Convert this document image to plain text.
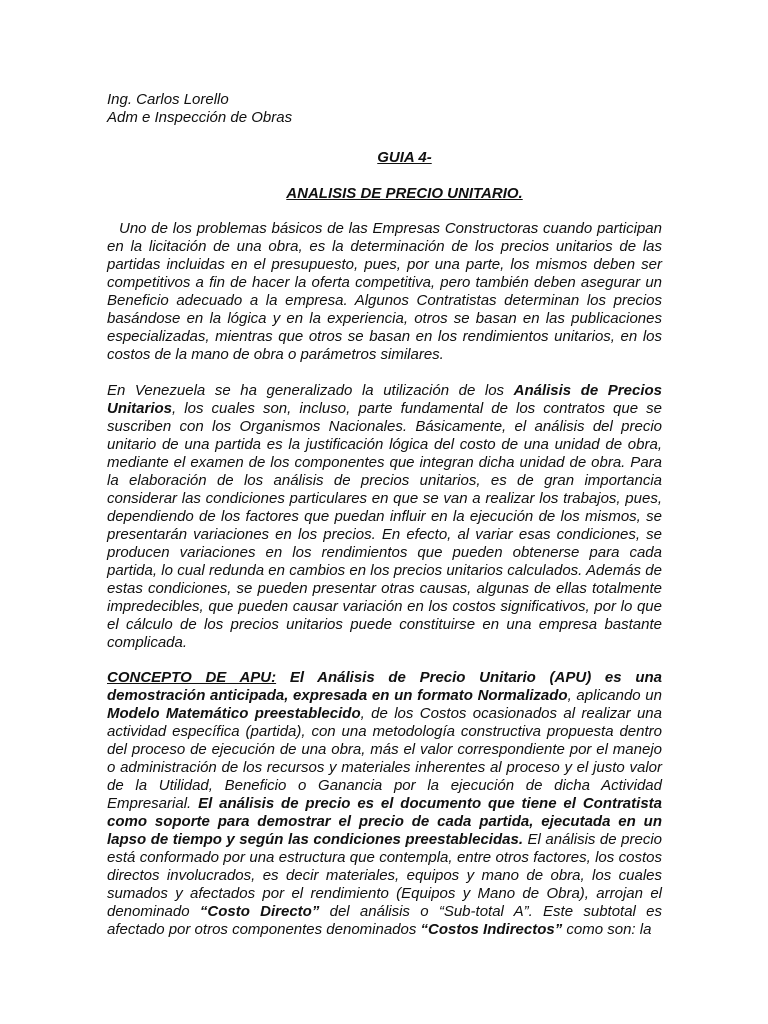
Ing. Carlos Lorello
Adm e Inspección de Obras

GUIA 4-

ANALISIS DE PRECIO UNITARIO.

Uno de los problemas básicos de las Empresas Constructoras cuando participan en la licitación de una obra, es la determinación de los precios unitarios de las partidas incluidas en el presupuesto, pues, por una parte, los mismos deben ser competitivos a fin de hacer la oferta competitiva, pero también deben asegurar un Beneficio adecuado a la empresa. Algunos Contratistas determinan los precios basándose en la lógica y en la experiencia, otros se basan en las publicaciones especializadas, mientras que otros se basan en los rendimientos unitarios, en los costos de la mano de obra o parámetros similares.

En Venezuela se ha generalizado la utilización de los Análisis de Precios Unitarios, los cuales son, incluso, parte fundamental de los contratos que se suscriben con los Organismos Nacionales. Básicamente, el análisis del precio unitario de una partida es la justificación lógica del costo de una unidad de obra, mediante el examen de los componentes que integran dicha unidad de obra. Para la elaboración de los análisis de precios unitarios, es de gran importancia considerar las condiciones particulares en que se van a realizar los trabajos, pues, dependiendo de los factores que puedan influir en la ejecución de los mismos, se presentarán variaciones en los precios. En efecto, al variar esas condiciones, se producen variaciones en los rendimientos que pueden obtenerse para cada partida, lo cual redunda en cambios en los precios unitarios calculados. Además de estas condiciones, se pueden presentar otras causas, algunas de ellas totalmente impredecibles, que pueden causar variación en los costos significativos, por lo que el cálculo de los precios unitarios puede constituirse en una empresa bastante complicada.

CONCEPTO DE APU: El Análisis de Precio Unitario (APU) es una demostración anticipada, expresada en un formato Normalizado, aplicando un Modelo Matemático preestablecido, de los Costos ocasionados al realizar una actividad específica (partida), con una metodología constructiva propuesta dentro del proceso de ejecución de una obra, más el valor correspondiente por el manejo o administración de los recursos y materiales inherentes al proceso y el justo valor de la Utilidad, Beneficio o Ganancia por la ejecución de dicha Actividad Empresarial. El análisis de precio es el documento que tiene el Contratista como soporte para demostrar el precio de cada partida, ejecutada en un lapso de tiempo y según las condiciones preestablecidas. El análisis de precio está conformado por una estructura que contempla, entre otros factores, los costos directos involucrados, es decir materiales, equipos y mano de obra, los cuales sumados y afectados por el rendimiento (Equipos y Mano de Obra), arrojan el denominado “Costo Directo” del análisis o “Sub-total A”. Este subtotal es afectado por otros componentes denominados “Costos Indirectos” como son: la
